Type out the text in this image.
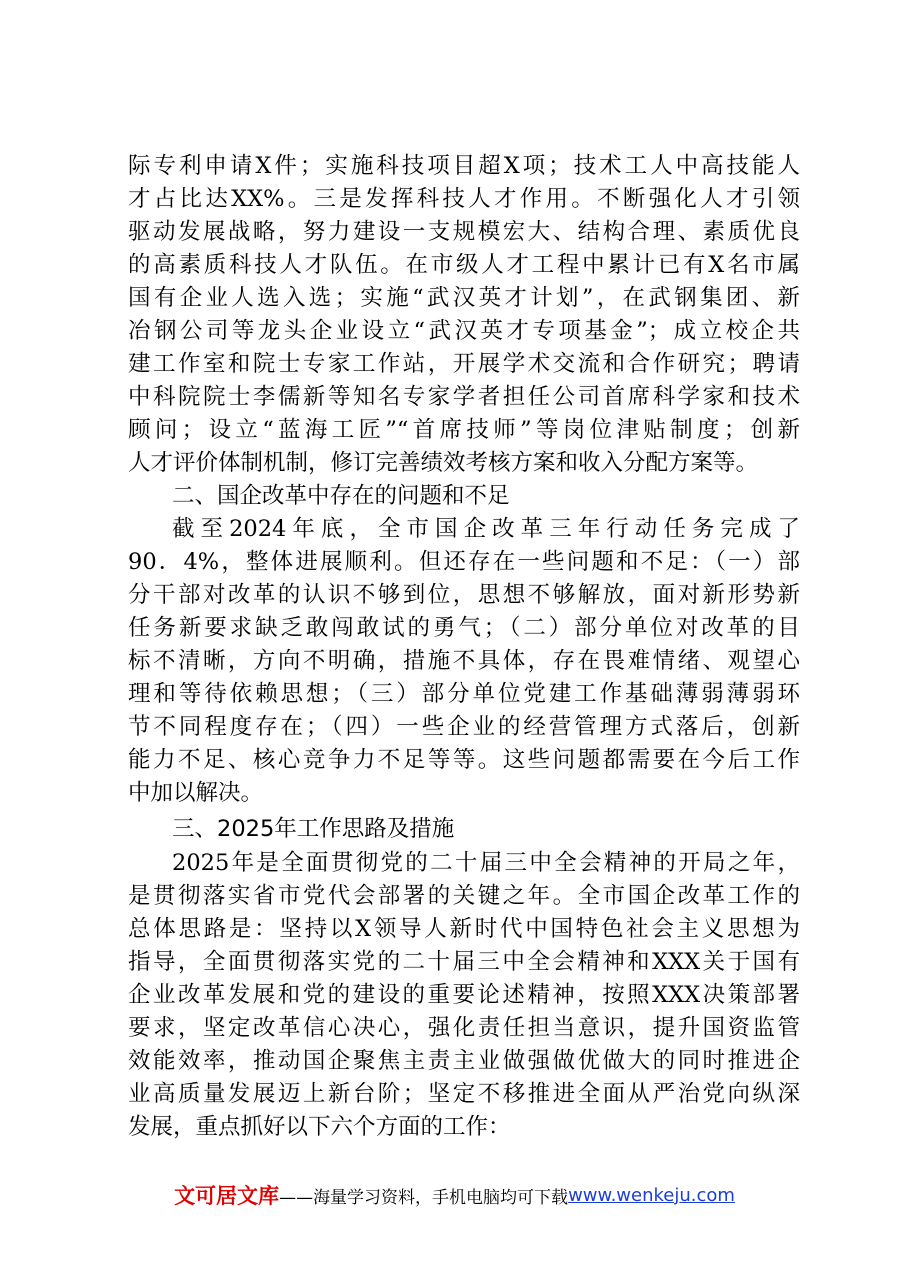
际专利申请X件；实施科技项目超X项；技术工人中高技能人
才占比达XX%。三是发挥科技人才作用。不断强化人才引领
驱动发展战略，努力建设一支规模宏大、结构合理、素质优良
的高素质科技人才队伍。在市级人才工程中累计已有X名市属
国有企业人选入选；实施“武汉英才计划”，在武钢集团、新
冶钢公司等龙头企业设立“武汉英才专项基金”；成立校企共
建工作室和院士专家工作站，开展学术交流和合作研究；聘请
中科院院士李儒新等知名专家学者担任公司首席科学家和技术
顾问；设立“蓝海工匠”“首席技师”等岗位津贴制度；创新
人才评价体制机制，修订完善绩效考核方案和收入分配方案等。
二、国企改革中存在的问题和不足
截至2024年底，全市国企改革三年行动任务完成了
90．4%，整体进展顺利。但还存在一些问题和不足：（一）部
分干部对改革的认识不够到位，思想不够解放，面对新形势新
任务新要求缺乏敢闯敢试的勇气；（二）部分单位对改革的目
标不清晰，方向不明确，措施不具体，存在畏难情绪、观望心
理和等待依赖思想；（三）部分单位党建工作基础薄弱薄弱环
节不同程度存在；（四）一些企业的经营管理方式落后，创新
能力不足、核心竞争力不足等等。这些问题都需要在今后工作
中加以解决。
三、2025年工作思路及措施
2025年是全面贯彻党的二十届三中全会精神的开局之年，
是贯彻落实省市党代会部署的关键之年。全市国企改革工作的
总体思路是：坚持以X领导人新时代中国特色社会主义思想为
指导，全面贯彻落实党的二十届三中全会精神和XXX关于国有
企业改革发展和党的建设的重要论述精神，按照XXX决策部署
要求，坚定改革信心决心，强化责任担当意识，提升国资监管
效能效率，推动国企聚焦主责主业做强做优做大的同时推进企
业高质量发展迈上新台阶；坚定不移推进全面从严治党向纵深
发展，重点抓好以下六个方面的工作：
文可居文库 ——海量学习资料，手机电脑均可下载 www.wenkeju.com
